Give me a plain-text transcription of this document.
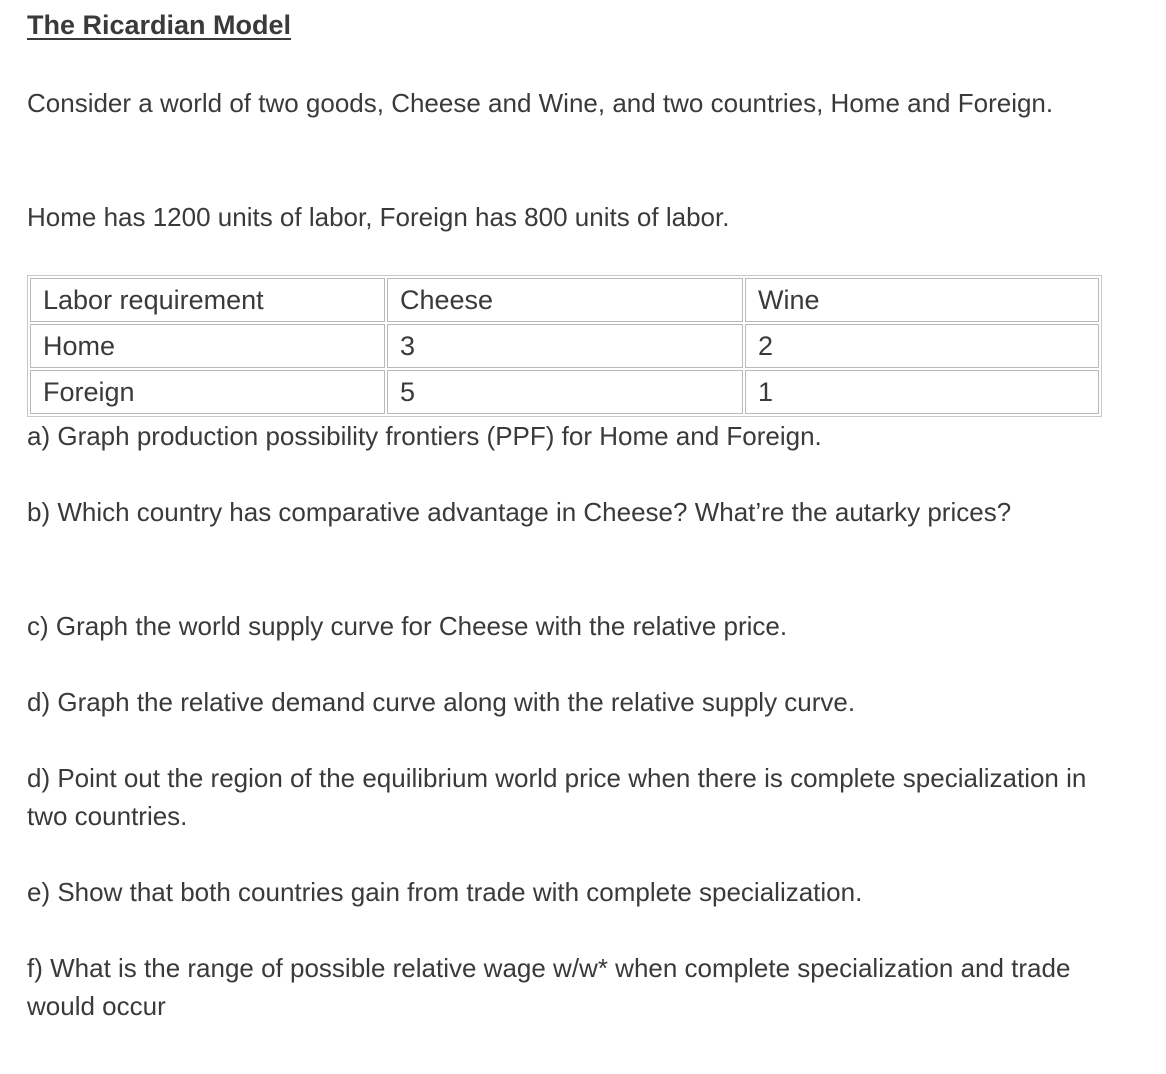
The Ricardian Model

Consider a world of two goods, Cheese and Wine, and two countries, Home and Foreign.

Home has 1200 units of labor, Foreign has 800 units of labor.

Labor requirement	Cheese	Wine
Home	3	2
Foreign	5	1

a) Graph production possibility frontiers (PPF) for Home and Foreign.

b) Which country has comparative advantage in Cheese? What’re the autarky prices?

c) Graph the world supply curve for Cheese with the relative price.

d) Graph the relative demand curve along with the relative supply curve.

d) Point out the region of the equilibrium world price when there is complete specialization in two countries.

e) Show that both countries gain from trade with complete specialization.

f) What is the range of possible relative wage w/w* when complete specialization and trade would occur
